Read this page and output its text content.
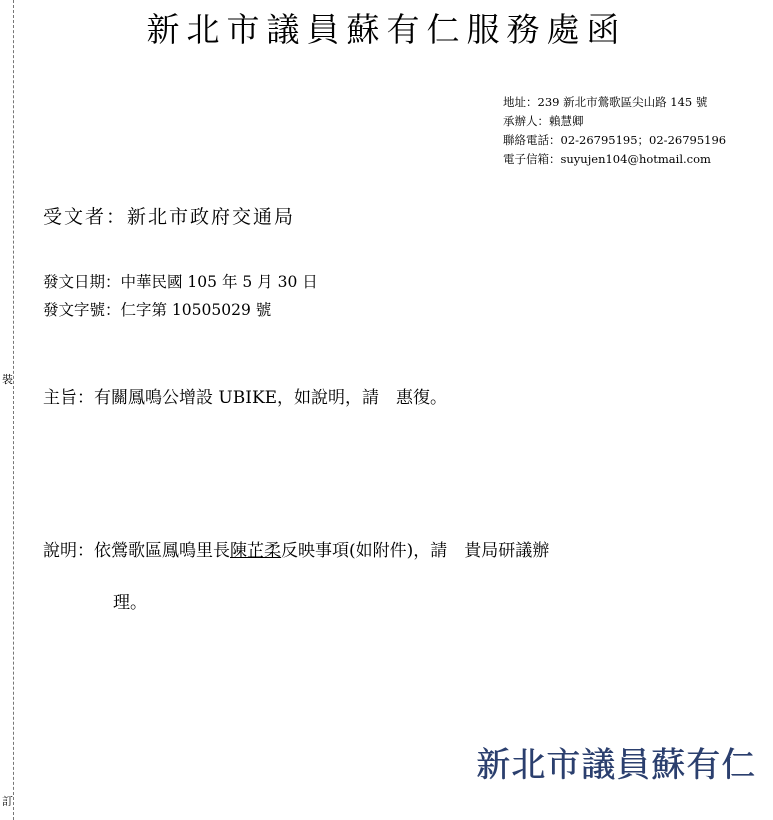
裝
訂
新北市議員蘇有仁服務處函
地址：239 新北市鶯歌區尖山路 145 號
承辦人：賴慧卿
聯絡電話：02-26795195；02-26795196
電子信箱：suyujen104@hotmail.com
受文者：新北市政府交通局
發文日期：中華民國 105 年 5 月 30 日
發文字號：仁字第 10505029 號
主旨：有關鳳鳴公增設 UBIKE，如說明，請　惠復。
說明：依鶯歌區鳳鳴里長陳芷柔反映事項(如附件)，請　貴局研議辦
理。
新北市議員蘇有仁
